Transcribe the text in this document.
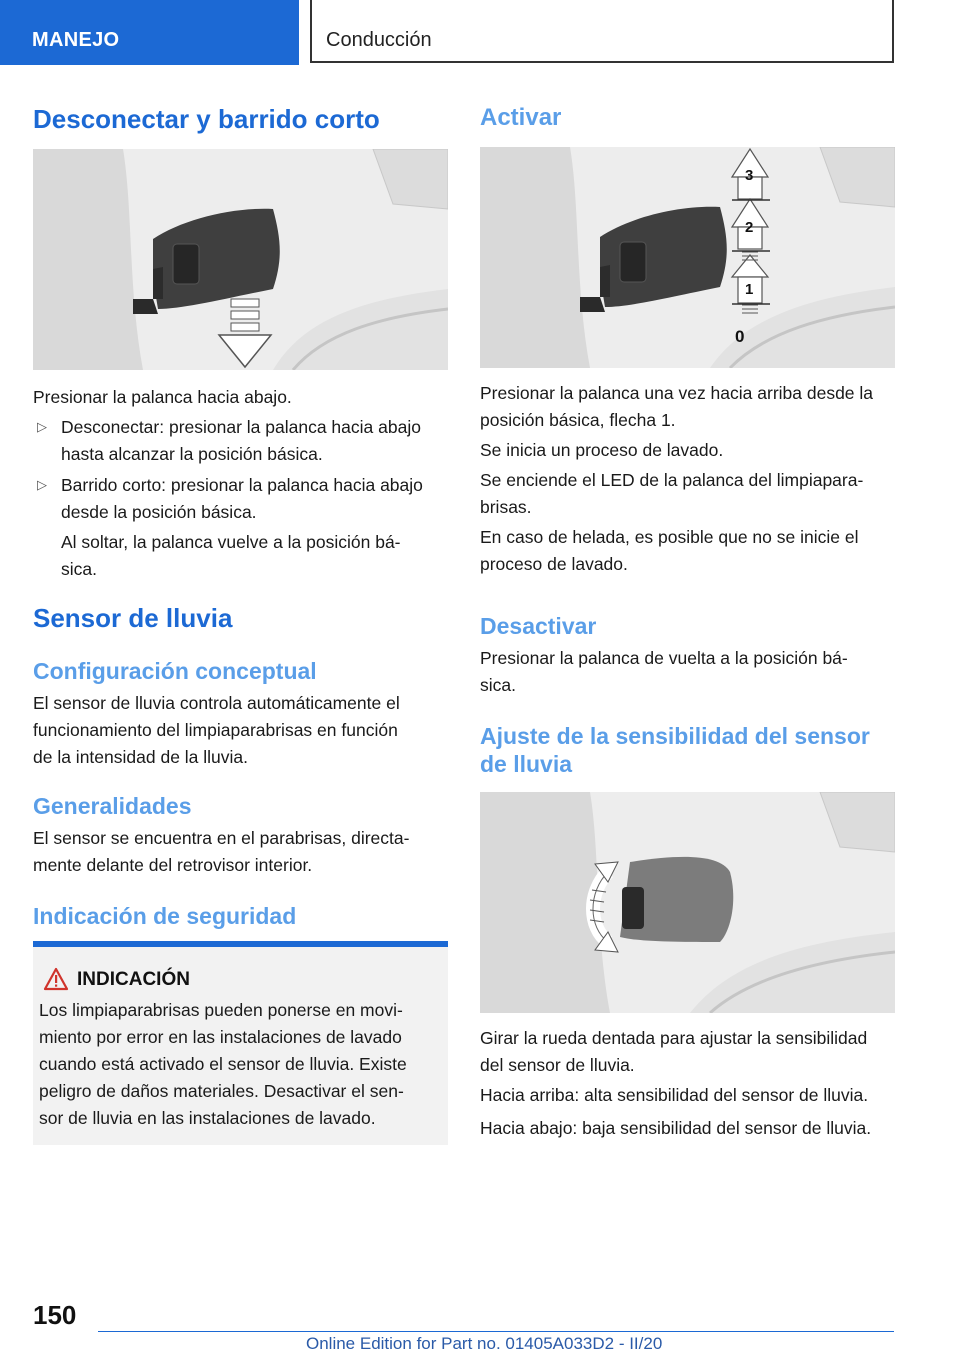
MANEJO	Conducción
Desconectar y barrido corto

Presionar la palanca hacia abajo.

▷ Desconectar: presionar la palanca hacia abajo

hasta alcanzar la posición básica.

▷ Barrido corto: presionar la palanca hacia abajo

desde la posición básica.

Al soltar, la palanca vuelve a la posición bá-

sica.

Sensor de lluvia
Configuración conceptual

El sensor de lluvia controla automáticamente el

funcionamiento del limpiaparabrisas en función

de la intensidad de la lluvia.

Generalidades

El sensor se encuentra en el parabrisas, directa-

mente delante del retrovisor interior.

Indicación de seguridad
INDICACIÓN

Los limpiaparabrisas pueden ponerse en movi-

miento por error en las instalaciones de lavado

cuando está activado el sensor de lluvia. Existe

peligro de daños materiales. Desactivar el sen-

sor de lluvia en las instalaciones de lavado.

Activar
3
2
1
0

Presionar la palanca una vez hacia arriba desde la

posición básica, flecha 1.

Se inicia un proceso de lavado.

Se enciende el LED de la palanca del limpiapara-

brisas.

En caso de helada, es posible que no se inicie el

proceso de lavado.

Desactivar

Presionar la palanca de vuelta a la posición bá-

sica.

Ajuste de la sensibilidad del sensor
de lluvia

Girar la rueda dentada para ajustar la sensibilidad

del sensor de lluvia.

Hacia arriba: alta sensibilidad del sensor de lluvia.

Hacia abajo: baja sensibilidad del sensor de lluvia.

150
Online Edition for Part no. 01405A033D2 - II/20
